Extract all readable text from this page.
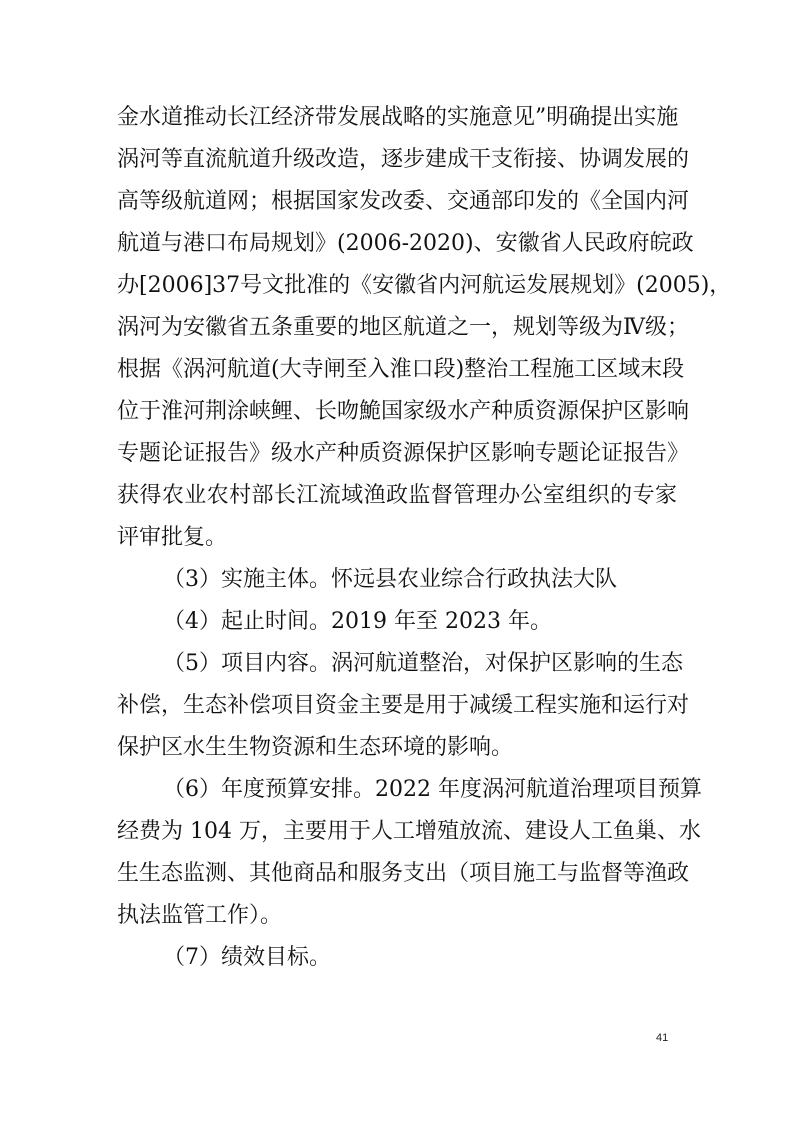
金水道推动长江经济带发展战略的实施意见”明确提出实施
涡河等直流航道升级改造，逐步建成干支衔接、协调发展的
高等级航道网；根据国家发改委、交通部印发的《全国内河
航道与港口布局规划》(2006-2020)、安徽省人民政府皖政
办[2006]37号文批准的《安徽省内河航运发展规划》(2005)，
涡河为安徽省五条重要的地区航道之一，规划等级为Ⅳ级；
根据《涡河航道(大寺闸至入淮口段)整治工程施工区域末段
位于淮河荆涂峡鲤、长吻鮠国家级水产种质资源保护区影响
专题论证报告》级水产种质资源保护区影响专题论证报告》
获得农业农村部长江流域渔政监督管理办公室组织的专家
评审批复。
（3）实施主体。怀远县农业综合行政执法大队
（4）起止时间。2019 年至 2023 年。
（5）项目内容。涡河航道整治，对保护区影响的生态
补偿，生态补偿项目资金主要是用于减缓工程实施和运行对
保护区水生生物资源和生态环境的影响。
（6）年度预算安排。2022 年度涡河航道治理项目预算
经费为 104 万，主要用于人工增殖放流、建设人工鱼巢、水
生生态监测、其他商品和服务支出（项目施工与监督等渔政
执法监管工作）。
（7）绩效目标。
41
